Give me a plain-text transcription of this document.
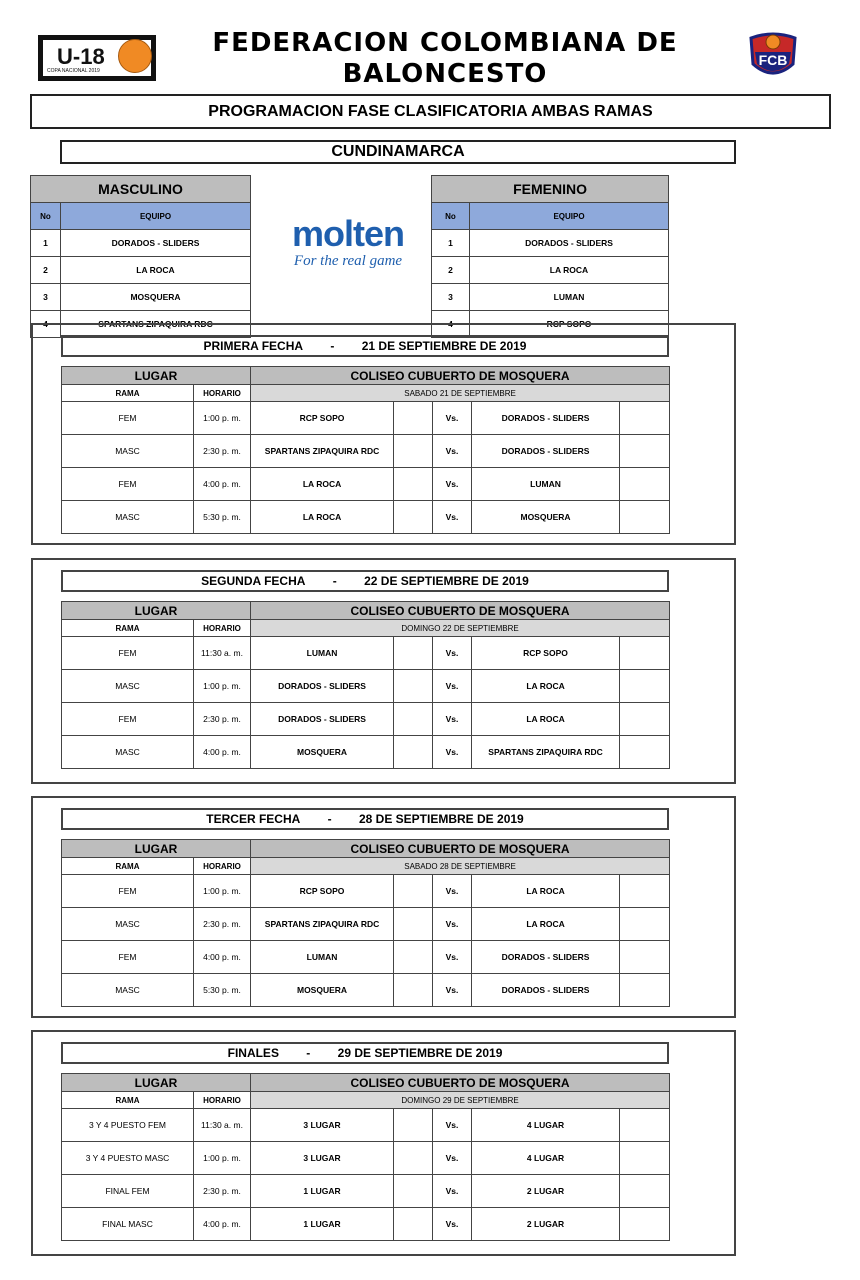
U-18
COPA NACIONAL 2019
FEDERACION COLOMBIANA DE
BALONCESTO	FCB
PROGRAMACION FASE CLASIFICATORIA AMBAS RAMAS
CUNDINAMARCA
MASCULINO	
No	EQUIPO
1	DORADOS - SLIDERS
2	LA ROCA
3	MOSQUERA
4	SPARTANS ZIPAQUIRA RDC
molten
For the real game
FEMENINO	
No	EQUIPO
1	DORADOS - SLIDERS
2	LA ROCA
3	LUMAN
4	RCP SOPO
PRIMERA FECHA - 21 DE SEPTIEMBRE DE 2019
LUGAR		COLISEO CUBUERTO DE MOSQUERA				
RAMA	HORARIO	SABADO 21 DE SEPTIEMBRE				
FEM	1:00 p. m.	RCP SOPO		Vs.	DORADOS - SLIDERS	
MASC	2:30 p. m.	SPARTANS ZIPAQUIRA RDC		Vs.	DORADOS - SLIDERS	
FEM	4:00 p. m.	LA ROCA		Vs.	LUMAN	
MASC	5:30 p. m.	LA ROCA		Vs.	MOSQUERA	
SEGUNDA FECHA - 22 DE SEPTIEMBRE DE 2019
LUGAR		COLISEO CUBUERTO DE MOSQUERA				
RAMA	HORARIO	DOMINGO 22 DE SEPTIEMBRE				
FEM	11:30 a. m.	LUMAN		Vs.	RCP SOPO	
MASC	1:00 p. m.	DORADOS - SLIDERS		Vs.	LA ROCA	
FEM	2:30 p. m.	DORADOS - SLIDERS		Vs.	LA ROCA	
MASC	4:00 p. m.	MOSQUERA		Vs.	SPARTANS ZIPAQUIRA RDC	
TERCER FECHA - 28 DE SEPTIEMBRE DE 2019
LUGAR		COLISEO CUBUERTO DE MOSQUERA				
RAMA	HORARIO	SABADO 28 DE SEPTIEMBRE				
FEM	1:00 p. m.	RCP SOPO		Vs.	LA ROCA	
MASC	2:30 p. m.	SPARTANS ZIPAQUIRA RDC		Vs.	LA ROCA	
FEM	4:00 p. m.	LUMAN		Vs.	DORADOS - SLIDERS	
MASC	5:30 p. m.	MOSQUERA		Vs.	DORADOS - SLIDERS	
FINALES - 29 DE SEPTIEMBRE DE 2019
LUGAR		COLISEO CUBUERTO DE MOSQUERA				
RAMA	HORARIO	DOMINGO 29 DE SEPTIEMBRE				
3 Y 4 PUESTO FEM	11:30 a. m.	3 LUGAR		Vs.	4 LUGAR	
3 Y 4 PUESTO MASC	1:00 p. m.	3 LUGAR		Vs.	4 LUGAR	
FINAL FEM	2:30 p. m.	1 LUGAR		Vs.	2 LUGAR	
FINAL MASC	4:00 p. m.	1 LUGAR		Vs.	2 LUGAR	
